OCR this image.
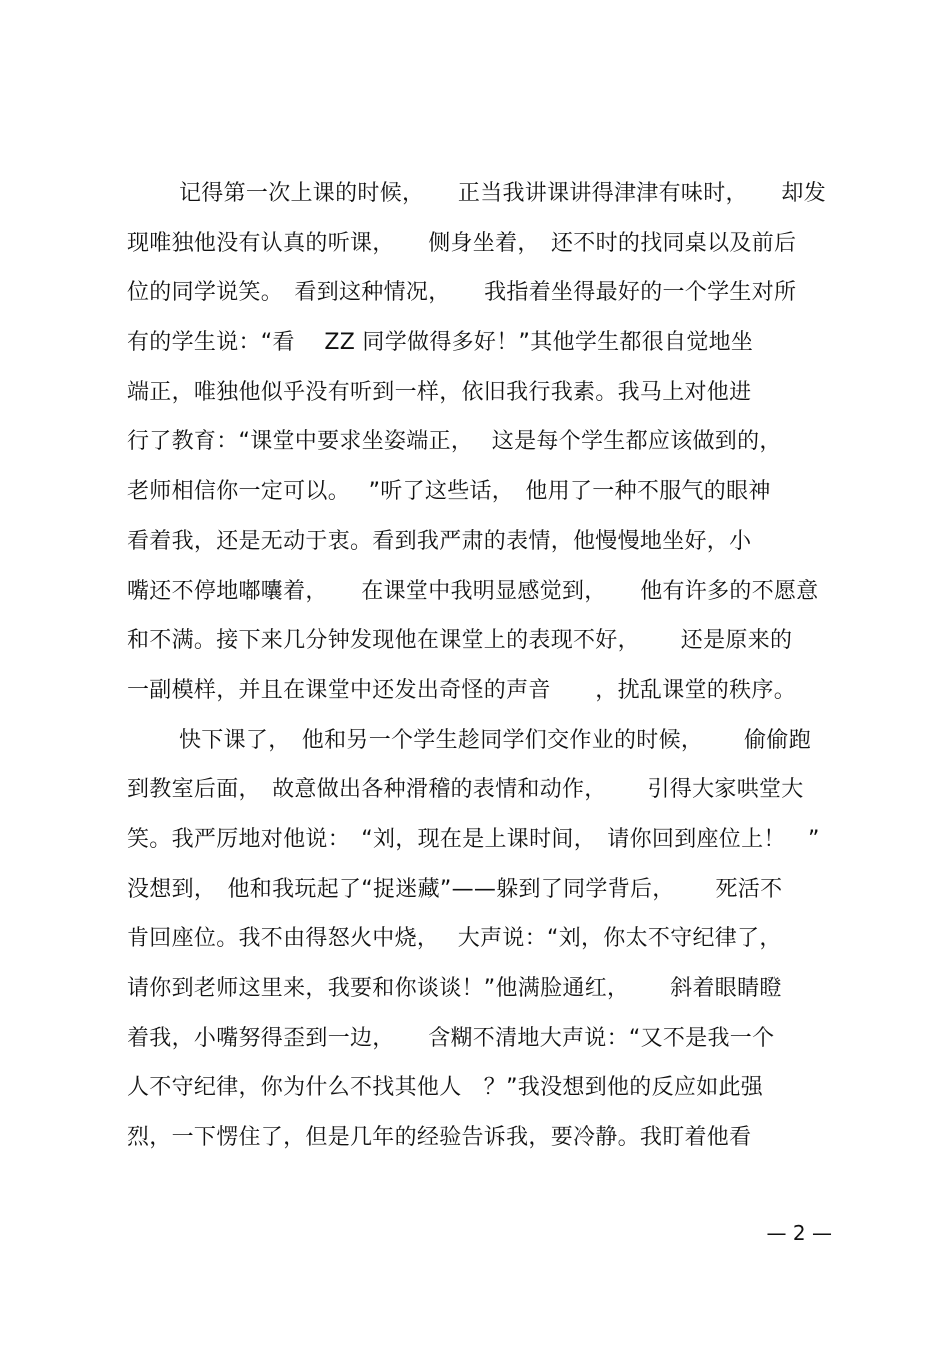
记得第一次上课的时候，　　正当我讲课讲得津津有味时，　　却发
现唯独他没有认真的听课，　　侧身坐着，　还不时的找同桌以及前后
位的同学说笑。　看到这种情况，　　我指着坐得最好的一个学生对所
有的学生说：“看　 ZZ 同学做得多好！”其他学生都很自觉地坐
端正，唯独他似乎没有听到一样，依旧我行我素。我马上对他进
行了教育：“课堂中要求坐姿端正，　 这是每个学生都应该做到的，
老师相信你一定可以。　 ”听了这些话，　他用了一种不服气的眼神
看着我，还是无动于衷。看到我严肃的表情，他慢慢地坐好，小
嘴还不停地嘟囔着，　　在课堂中我明显感觉到，　　他有许多的不愿意
和不满。接下来几分钟发现他在课堂上的表现不好，　　 还是原来的
一副模样，并且在课堂中还发出奇怪的声音　　，扰乱课堂的秩序。
快下课了，　他和另一个学生趁同学们交作业的时候，　　 偷偷跑
到教室后面，　故意做出各种滑稽的表情和动作，　　 引得大家哄堂大
笑。我严厉地对他说：　“刘，现在是上课时间，　请你回到座位上！　”
没想到，　他和我玩起了“捉迷藏”——躲到了同学背后，　　 死活不
肯回座位。我不由得怒火中烧，　 大声说：“刘，你太不守纪律了，
请你到老师这里来，我要和你谈谈！”他满脸通红，　　 斜着眼睛瞪
着我，小嘴努得歪到一边，　　含糊不清地大声说：“又不是我一个
人不守纪律，你为什么不找其他人　？”我没想到他的反应如此强
烈，一下愣住了，但是几年的经验告诉我，要冷静。我盯着他看
— 2 —
